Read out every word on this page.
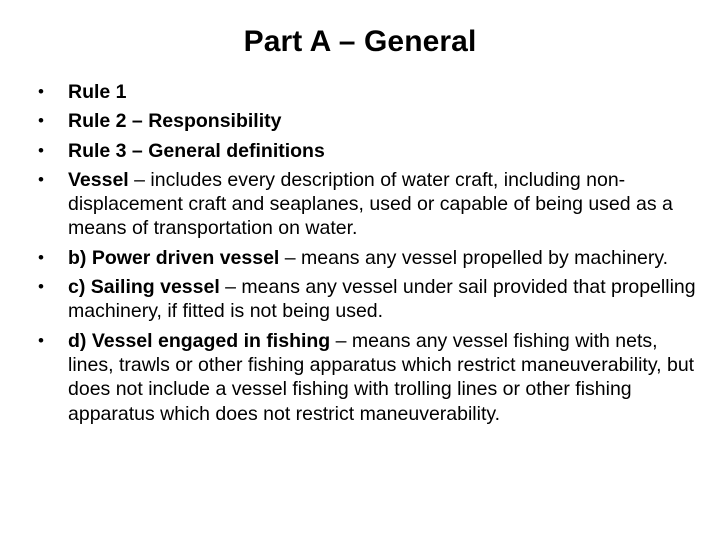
Part A – General
• Rule 1
• Rule 2 – Responsibility
• Rule 3 – General definitions
• Vessel – includes every description of water craft, including non-displacement craft and seaplanes, used or capable of being used as a means of transportation on water.
• b) Power driven vessel – means any vessel propelled by machinery.
• c) Sailing vessel – means any vessel under sail provided that propelling machinery, if fitted is not being used.
• d) Vessel engaged in fishing – means any vessel fishing with nets, lines, trawls or other fishing apparatus which restrict maneuverability, but does not include a vessel fishing with trolling lines or other fishing apparatus which does not restrict maneuverability.
